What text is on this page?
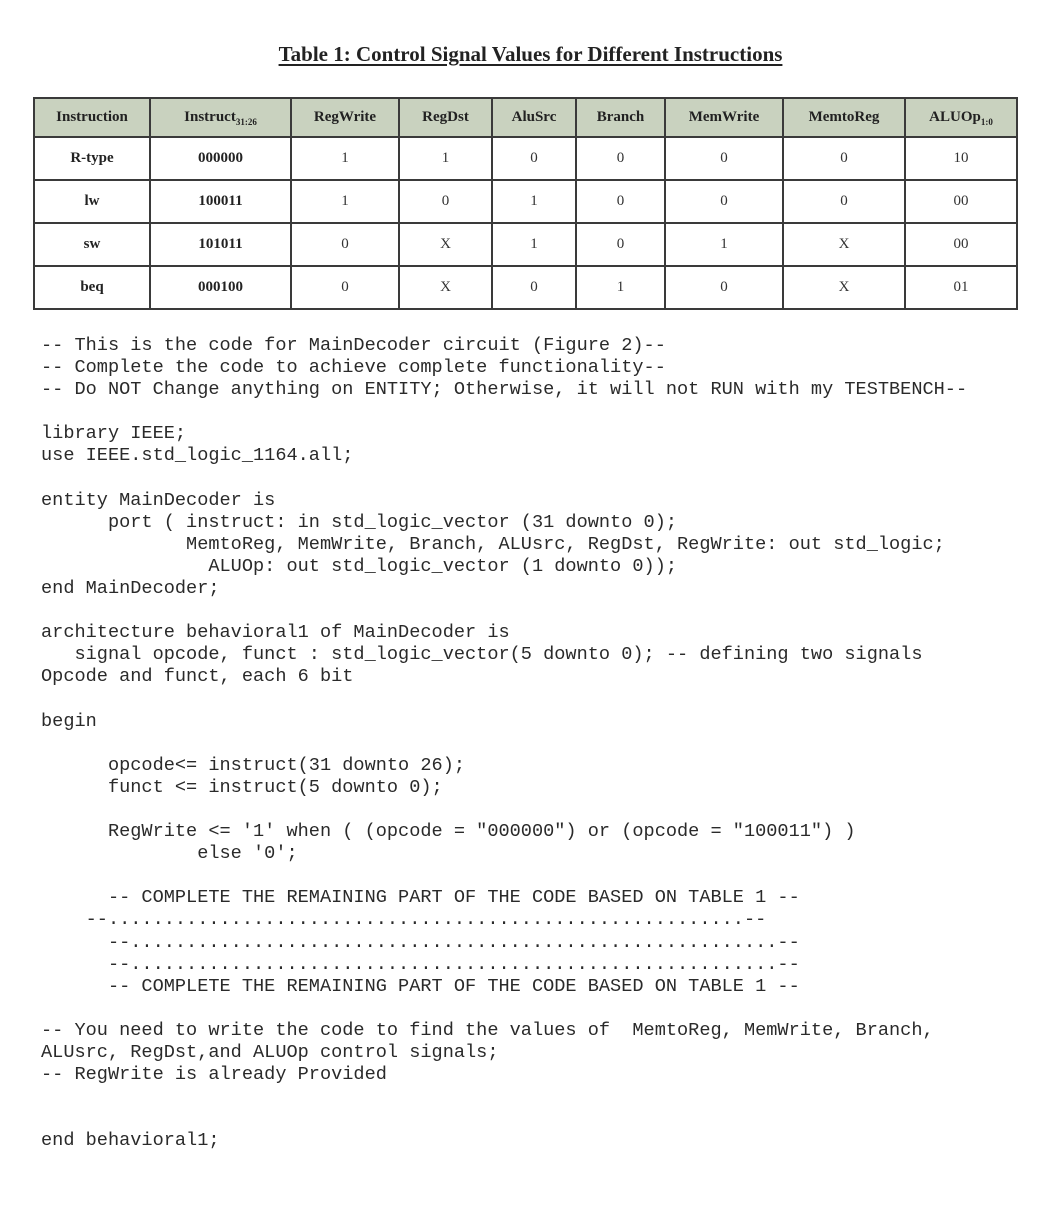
Table 1: Control Signal Values for Different Instructions
Instruction	Instruct$_{31:26}$	RegWrite	RegDst	AluSrc	Branch	MemWrite	MemtoReg	ALUOp$_{1:0}$
R-type	000000	1	1	0	0	0	0	10
lw	100011	1	0	1	0	0	0	00
sw	101011	0	X	1	0	1	X	00
beq	000100	0	X	0	1	0	X	01
-- This is the code for MainDecoder circuit (Figure 2)--
-- Complete the code to achieve complete functionality--
-- Do NOT Change anything on ENTITY; Otherwise, it will not RUN with my TESTBENCH--

library IEEE;
use IEEE.std_logic_1164.all;

entity MainDecoder is
port ( instruct: in std_logic_vector (31 downto 0);
MemtoReg, MemWrite, Branch, ALUsrc, RegDst, RegWrite: out std_logic;
ALUOp: out std_logic_vector (1 downto 0));
end MainDecoder;

architecture behavioral1 of MainDecoder is
signal opcode, funct : std_logic_vector(5 downto 0); -- defining two signals
Opcode and funct, each 6 bit

begin

opcode<= instruct(31 downto 26);
funct <= instruct(5 downto 0);

RegWrite <= '1' when ( (opcode = "000000") or (opcode = "100011") )
else '0';

-- COMPLETE THE REMAINING PART OF THE CODE BASED ON TABLE 1 --
--.........................................................--
--..........................................................--
--..........................................................--
-- COMPLETE THE REMAINING PART OF THE CODE BASED ON TABLE 1 --

-- You need to write the code to find the values of  MemtoReg, MemWrite, Branch,
ALUsrc, RegDst,and ALUOp control signals;
-- RegWrite is already Provided

end behavioral1;
